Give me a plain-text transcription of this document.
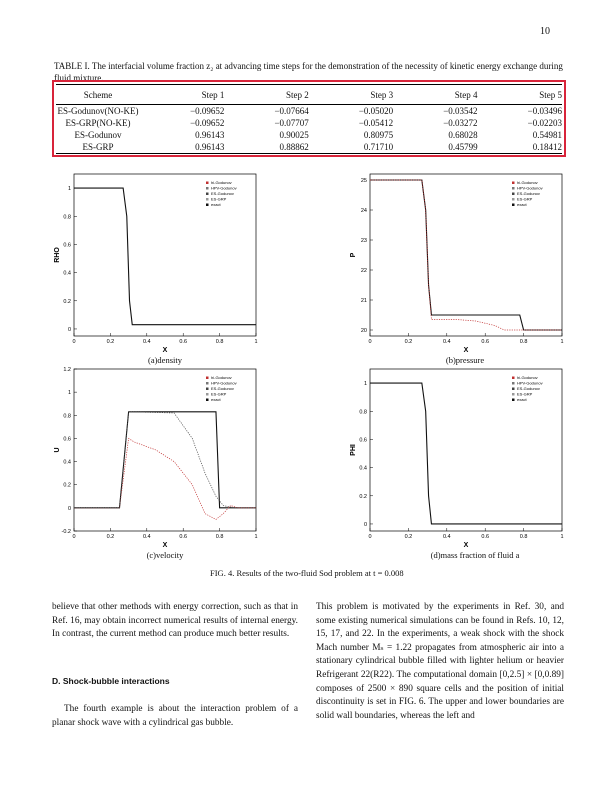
10
TABLE I. The interfacial volume fraction z₂ at advancing time steps for the demonstration of the necessity of kinetic energy exchange during fluid mixture.
Scheme	Step 1	Step 2	Step 3	Step 4	Step 5
ES-Godunov(NO-KE)	−0.09652	−0.07664	−0.05020	−0.03542	−0.03496
ES-GRP(NO-KE)	−0.09652	−0.07707	−0.05412	−0.03272	−0.02203
ES-Godunov	0.96143	0.90025	0.80975	0.68028	0.54981
ES-GRP	0.96143	0.88862	0.71710	0.45799	0.18412
0	0.2	0.4	0.6	0.8	1
0
0.2
0.4
0.6
0.8
1
X
RHO
hi-Godunov
HPV-Godunov
ES-Godunov
ES-GRP
exact
0	0.2	0.4	0.6	0.8	1
20
21
22
23
24
25
X
P
hi-Godunov
HPV-Godunov
ES-Godunov
ES-GRP
exact
0	0.2	0.4	0.6	0.8	1
-0.2
0
0.2
0.4
0.6
0.8
1
1.2
X
U
hi-Godunov
HPV-Godunov
ES-Godunov
ES-GRP
exact
0	0.2	0.4	0.6	0.8	1
0
0.2
0.4
0.6
0.8
1
X
PHI
hi-Godunov
HPV-Godunov
ES-Godunov
ES-GRP
exact
(a)density	(b)pressure
(c)velocity	(d)mass fraction of fluid a
FIG. 4. Results of the two-fluid Sod problem at t = 0.008
believe that other methods with energy correction, such as that in Ref. 16, may obtain incorrect numerical results of internal energy. In contrast, the current method can produce much better results.
D. Shock-bubble interactions
The fourth example is about the interaction problem of a planar shock wave with a cylindrical gas bubble.
This problem is motivated by the experiments in Ref. 30, and some existing numerical simulations can be found in Refs. 10, 12, 15, 17, and 22. In the experiments, a weak shock with the shock Mach number Mₛ = 1.22 propagates from atmospheric air into a stationary cylindrical bubble filled with lighter helium or heavier Refrigerant 22(R22). The computational domain [0,2.5] × [0,0.89] composes of 2500 × 890 square cells and the position of initial discontinuity is set in FIG. 6. The upper and lower boundaries are solid wall boundaries, whereas the left and
